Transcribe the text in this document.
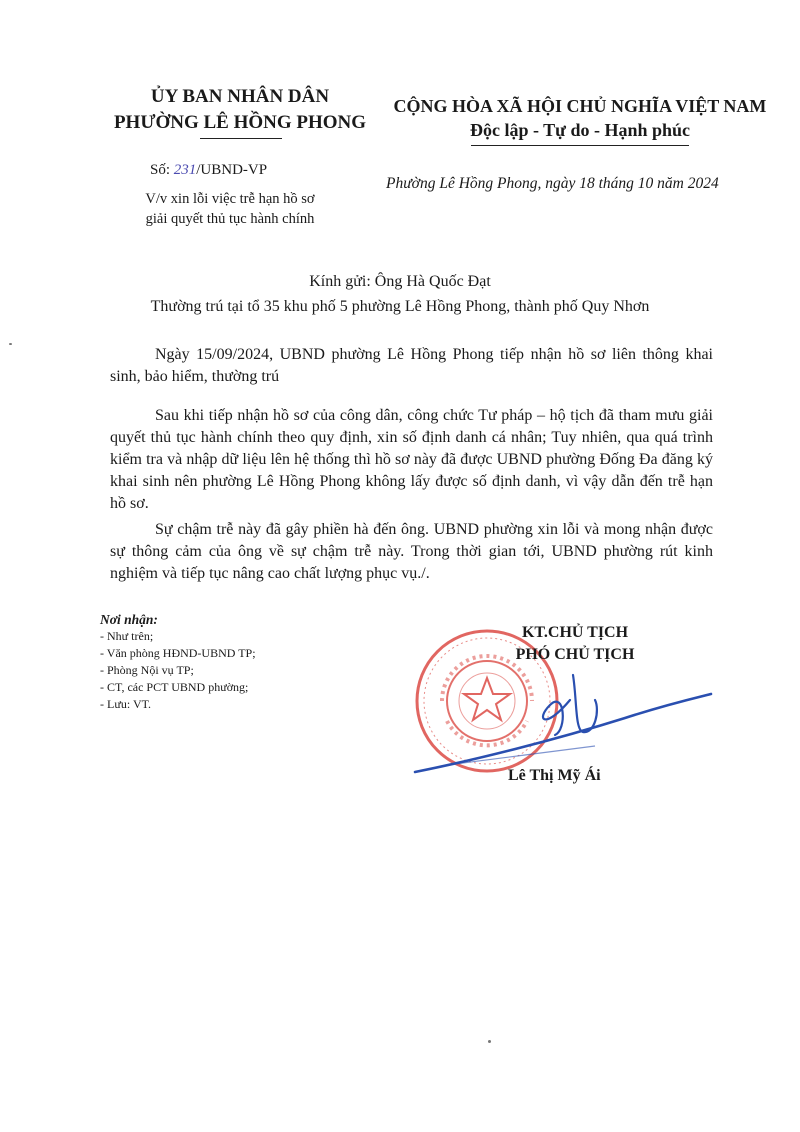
ỦY BAN NHÂN DÂN
PHƯỜNG LÊ HỒNG PHONG
Số: 231/UBND-VP
V/v xin lỗi việc trễ hạn hồ sơ
giải quyết thủ tục hành chính
CỘNG HÒA XÃ HỘI CHỦ NGHĨA VIỆT NAM
Độc lập - Tự do - Hạnh phúc
Phường Lê Hồng Phong, ngày 18 tháng 10 năm 2024
Kính gửi: Ông Hà Quốc Đạt
Thường trú tại tổ 35 khu phố 5 phường Lê Hồng Phong, thành phố Quy Nhơn

Ngày 15/09/2024, UBND phường Lê Hồng Phong tiếp nhận hồ sơ liên thông khai sinh, bảo hiểm, thường trú

Sau khi tiếp nhận hồ sơ của công dân, công chức Tư pháp – hộ tịch đã tham mưu giải quyết thủ tục hành chính theo quy định, xin số định danh cá nhân; Tuy nhiên, qua quá trình kiểm tra và nhập dữ liệu lên hệ thống thì hồ sơ này đã được UBND phường Đống Đa đăng ký khai sinh nên phường Lê Hồng Phong không lấy được số định danh, vì vậy dẫn đến trễ hạn hồ sơ.

Sự chậm trễ này đã gây phiền hà đến ông. UBND phường xin lỗi và mong nhận được sự thông cảm của ông về sự chậm trễ này. Trong thời gian tới, UBND phường rút kinh nghiệm và tiếp tục nâng cao chất lượng phục vụ./.

Nơi nhận:
- Như trên;
- Văn phòng HĐND-UBND TP;
- Phòng Nội vụ TP;
- CT, các PCT UBND phường;
- Lưu: VT.
KT.CHỦ TỊCH
PHÓ CHỦ TỊCH
Lê Thị Mỹ Ái
